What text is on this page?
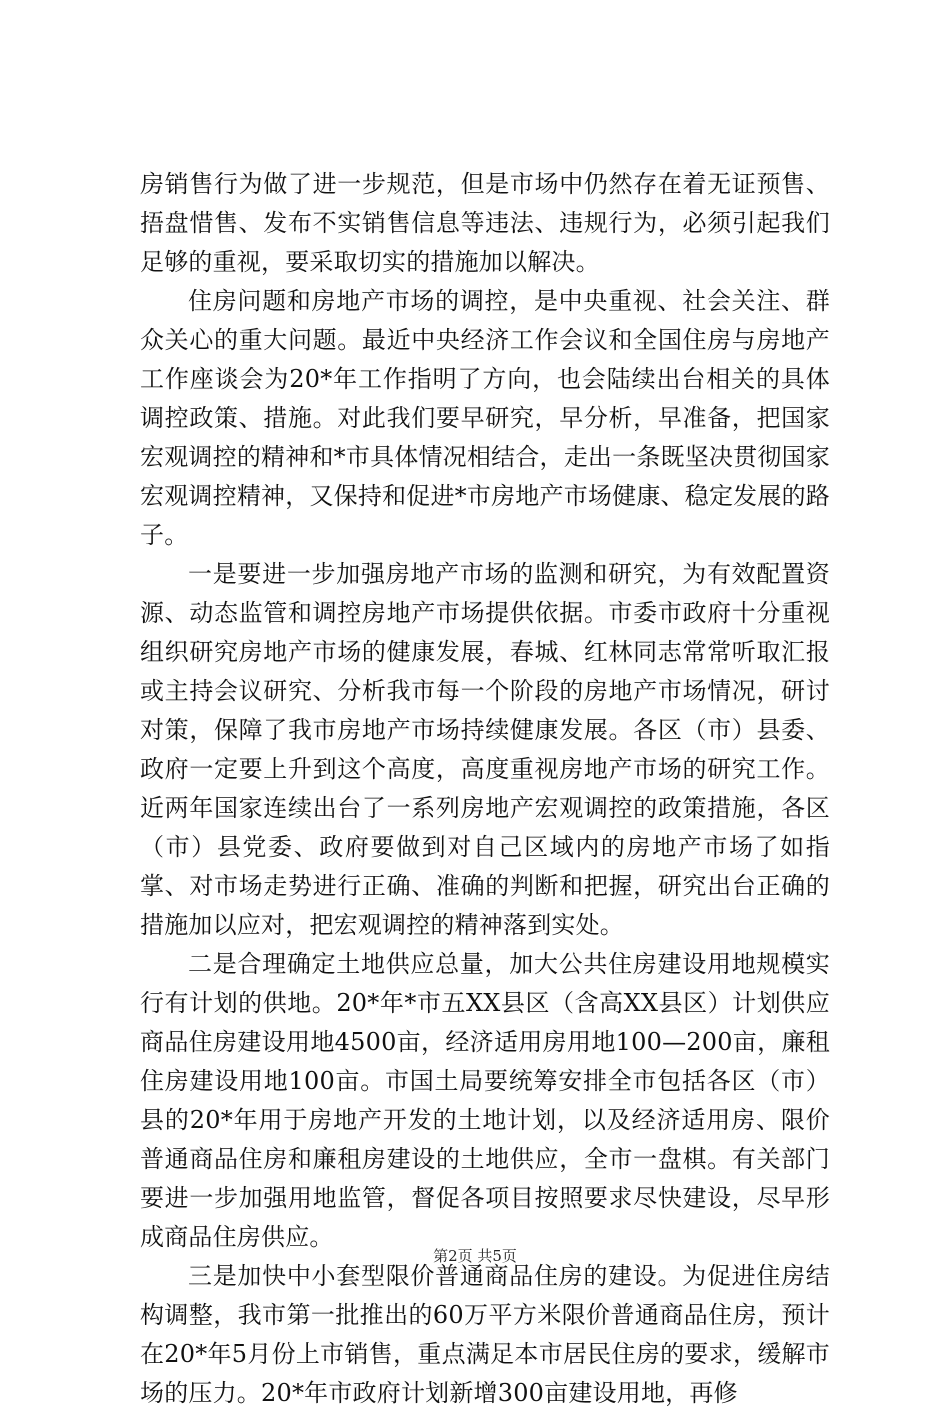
房销售行为做了进一步规范，但是市场中仍然存在着无证预售、捂盘惜售、发布不实销售信息等违法、违规行为，必须引起我们足够的重视，要采取切实的措施加以解决。

住房问题和房地产市场的调控，是中央重视、社会关注、群众关心的重大问题。最近中央经济工作会议和全国住房与房地产工作座谈会为20*年工作指明了方向，也会陆续出台相关的具体调控政策、措施。对此我们要早研究，早分析，早准备，把国家宏观调控的精神和*市具体情况相结合，走出一条既坚决贯彻国家宏观调控精神，又保持和促进*市房地产市场健康、稳定发展的路子。

一是要进一步加强房地产市场的监测和研究，为有效配置资源、动态监管和调控房地产市场提供依据。市委市政府十分重视组织研究房地产市场的健康发展，春城、红林同志常常听取汇报或主持会议研究、分析我市每一个阶段的房地产市场情况，研讨对策，保障了我市房地产市场持续健康发展。各区（市）县委、政府一定要上升到这个高度，高度重视房地产市场的研究工作。近两年国家连续出台了一系列房地产宏观调控的政策措施，各区（市）县党委、政府要做到对自己区域内的房地产市场了如指掌、对市场走势进行正确、准确的判断和把握，研究出台正确的措施加以应对，把宏观调控的精神落到实处。

二是合理确定土地供应总量，加大公共住房建设用地规模实行有计划的供地。20*年*市五XX县区（含高XX县区）计划供应商品住房建设用地4500亩，经济适用房用地100—200亩，廉租住房建设用地100亩。市国土局要统筹安排全市包括各区（市）县的20*年用于房地产开发的土地计划，以及经济适用房、限价普通商品住房和廉租房建设的土地供应，全市一盘棋。有关部门要进一步加强用地监管，督促各项目按照要求尽快建设，尽早形成商品住房供应。

三是加快中小套型限价普通商品住房的建设。为促进住房结构调整，我市第一批推出的60万平方米限价普通商品住房，预计在20*年5月份上市销售，重点满足本市居民住房的要求，缓解市场的压力。20*年市政府计划新增300亩建设用地，再修

第2页 共5页
